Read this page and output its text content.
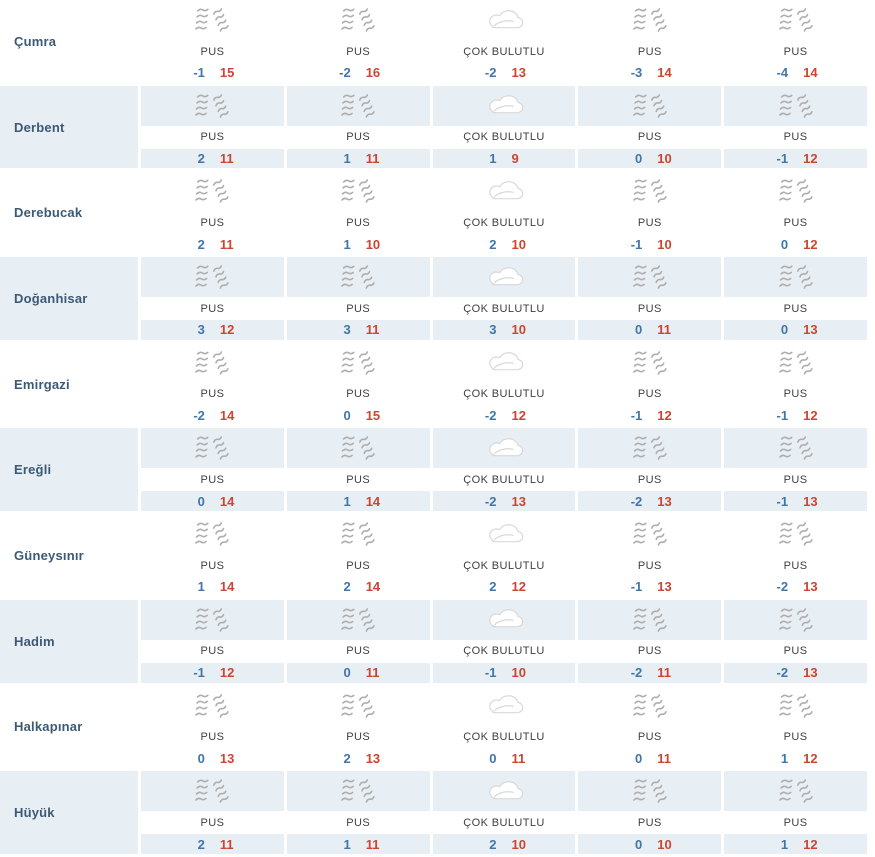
Çumra
PUS
-1 15
PUS
-2 16
ÇOK BULUTLU
-2 13
PUS
-3 14
PUS
-4 14
Derbent
PUS
2 11
PUS
1 11
ÇOK BULUTLU
1 9
PUS
0 10
PUS
-1 12
Derebucak
PUS
2 11
PUS
1 10
ÇOK BULUTLU
2 10
PUS
-1 10
PUS
0 12
Doğanhisar
PUS
3 12
PUS
3 11
ÇOK BULUTLU
3 10
PUS
0 11
PUS
0 13
Emirgazi
PUS
-2 14
PUS
0 15
ÇOK BULUTLU
-2 12
PUS
-1 12
PUS
-1 12
Ereğli
PUS
0 14
PUS
1 14
ÇOK BULUTLU
-2 13
PUS
-2 13
PUS
-1 13
Güneysınır
PUS
1 14
PUS
2 14
ÇOK BULUTLU
2 12
PUS
-1 13
PUS
-2 13
Hadim
PUS
-1 12
PUS
0 11
ÇOK BULUTLU
-1 10
PUS
-2 11
PUS
-2 13
Halkapınar
PUS
0 13
PUS
2 13
ÇOK BULUTLU
0 11
PUS
0 11
PUS
1 12
Hüyük
PUS
2 11
PUS
1 11
ÇOK BULUTLU
2 10
PUS
0 10
PUS
1 12
